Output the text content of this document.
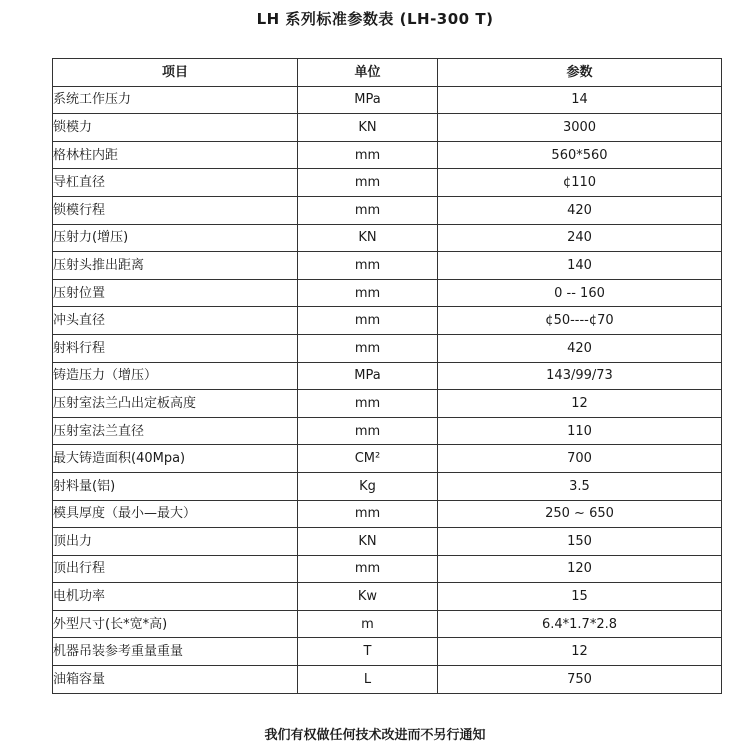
LH 系列标准参数表 (LH-300 T)
项目	单位	参数
系统工作压力	MPa	14
锁模力	KN	3000
格林柱内距	mm	560*560
导杠直径	mm	¢110
锁模行程	mm	420
压射力(增压)	KN	240
压射头推出距离	mm	140
压射位置	mm	0 -- 160
冲头直径	mm	¢50----¢70
射料行程	mm	420
铸造压力（增压）	MPa	143/99/73
压射室法兰凸出定板高度	mm	12
压射室法兰直径	mm	110
最大铸造面积(40Mpa)	CM²	700
射料量(铝)	Kg	3.5
模具厚度（最小—最大）	mm	250 ~ 650
顶出力	KN	150
顶出行程	mm	120
电机功率	Kw	15
外型尺寸(长*宽*高)	m	6.4*1.7*2.8
机器吊装参考重量重量	T	12
油箱容量	L	750
我们有权做任何技术改进而不另行通知
